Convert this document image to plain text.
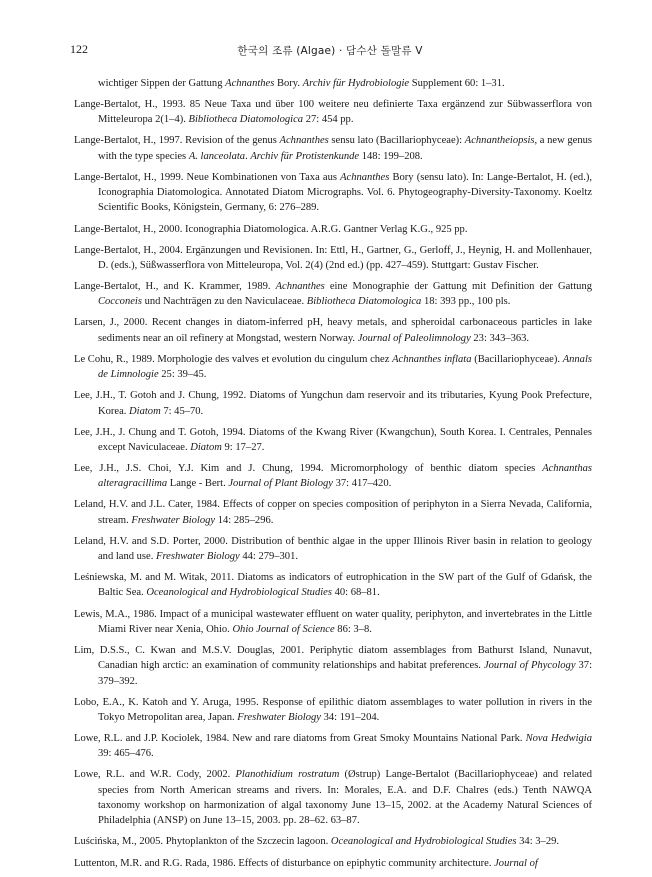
122	한국의 조류 (Algae) · 담수산 돌말류 V
wichtiger Sippen der Gattung Achnanthes Bory. Archiv für Hydrobiologie Supplement 60: 1–31.
Lange-Bertalot, H., 1993. 85 Neue Taxa und über 100 weitere neu definierte Taxa ergänzend zur Sübwasserflora von Mitteleuropa 2(1–4). Bibliotheca Diatomologica 27: 454 pp.
Lange-Bertalot, H., 1997. Revision of the genus Achnanthes sensu lato (Bacillariophyceae): Achnantheiopsis, a new genus with the type species A. lanceolata. Archiv für Protistenkunde 148: 199–208.
Lange-Bertalot, H., 1999. Neue Kombinationen von Taxa aus Achnanthes Bory (sensu lato). In: Lange-Bertalot, H. (ed.), Iconographia Diatomologica. Annotated Diatom Micrographs. Vol. 6. Phytogeography-Diversity-Taxonomy. Koeltz Scientific Books, Königstein, Germany, 6: 276–289.
Lange-Bertalot, H., 2000. Iconographia Diatomologica. A.R.G. Gantner Verlag K.G., 925 pp.
Lange-Bertalot, H., 2004. Ergänzungen und Revisionen. In: Ettl, H., Gartner, G., Gerloff, J., Heynig, H. and Mollenhauer, D. (eds.), Süßwasserflora von Mitteleuropa, Vol. 2(4) (2nd ed.) (pp. 427–459). Stuttgart: Gustav Fischer.
Lange-Bertalot, H., and K. Krammer, 1989. Achnanthes eine Monographie der Gattung mit Definition der Gattung Cocconeis und Nachträgen zu den Naviculaceae. Bibliotheca Diatomologica 18: 393 pp., 100 pls.
Larsen, J., 2000. Recent changes in diatom-inferred pH, heavy metals, and spheroidal carbonaceous particles in lake sediments near an oil refinery at Mongstad, western Norway. Journal of Paleolimnology 23: 343–363.
Le Cohu, R., 1989. Morphologie des valves et evolution du cingulum chez Achnanthes inflata (Bacillariophyceae). Annals de Limnologie 25: 39–45.
Lee, J.H., T. Gotoh and J. Chung, 1992. Diatoms of Yungchun dam reservoir and its tributaries, Kyung Pook Prefecture, Korea. Diatom 7: 45–70.
Lee, J.H., J. Chung and T. Gotoh, 1994. Diatoms of the Kwang River (Kwangchun), South Korea. I. Centrales, Pennales except Naviculaceae. Diatom 9: 17–27.
Lee, J.H., J.S. Choi, Y.J. Kim and J. Chung, 1994. Micromorphology of benthic diatom species Achnanthas alteragracillima Lange - Bert. Journal of Plant Biology 37: 417–420.
Leland, H.V. and J.L. Cater, 1984. Effects of copper on species composition of periphyton in a Sierra Nevada, California, stream. Freshwater Biology 14: 285–296.
Leland, H.V. and S.D. Porter, 2000. Distribution of benthic algae in the upper Illinois River basin in relation to geology and land use. Freshwater Biology 44: 279–301.
Leśniewska, M. and M. Witak, 2011. Diatoms as indicators of eutrophication in the SW part of the Gulf of Gdańsk, the Baltic Sea. Oceanological and Hydrobiological Studies 40: 68–81.
Lewis, M.A., 1986. Impact of a municipal wastewater effluent on water quality, periphyton, and invertebrates in the Little Miami River near Xenia, Ohio. Ohio Journal of Science 86: 3–8.
Lim, D.S.S., C. Kwan and M.S.V. Douglas, 2001. Periphytic diatom assemblages from Bathurst Island, Nunavut, Canadian high arctic: an examination of community relationships and habitat preferences. Journal of Phycology 37: 379–392.
Lobo, E.A., K. Katoh and Y. Aruga, 1995. Response of epilithic diatom assemblages to water pollution in rivers in the Tokyo Metropolitan area, Japan. Freshwater Biology 34: 191–204.
Lowe, R.L. and J.P. Kociolek, 1984. New and rare diatoms from Great Smoky Mountains National Park. Nova Hedwigia 39: 465–476.
Lowe, R.L. and W.R. Cody, 2002. Planothidium rostratum (Østrup) Lange-Bertalot (Bacillariophyceae) and related species from North American streams and rivers. In: Morales, E.A. and D.F. Chalres (eds.) Tenth NAWQA taxonomy workshop on harmonization of algal taxonomy June 13–15, 2002. at the Academy Natural Sciences of Philadelphia (ANSP) on June 13–15, 2003. pp. 28–62. 63–87.
Luścińska, M., 2005. Phytoplankton of the Szczecin lagoon. Oceanological and Hydrobiological Studies 34: 3–29.
Luttenton, M.R. and R.G. Rada, 1986. Effects of disturbance on epiphytic community architecture. Journal of
